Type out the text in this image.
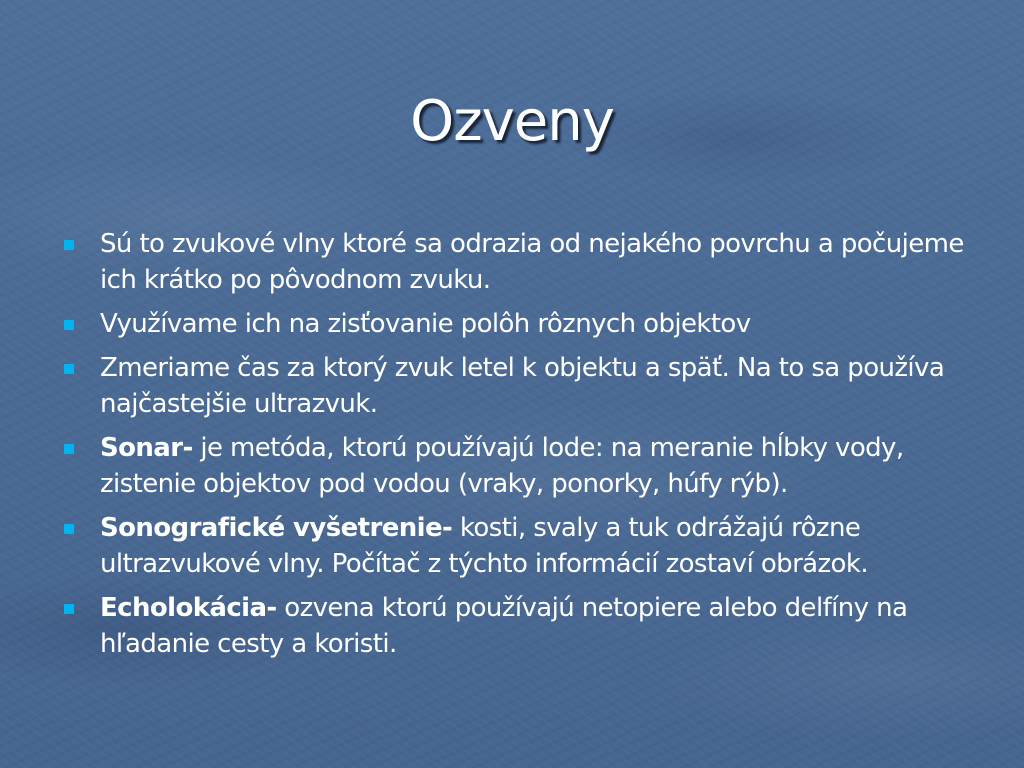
Ozveny
Sú to zvukové vlny ktoré sa odrazia od nejakého povrchu a počujeme ich krátko po pôvodnom zvuku.
Využívame ich na zisťovanie polôh rôznych objektov
Zmeriame čas za ktorý zvuk letel k objektu a späť. Na to sa používa najčastejšie ultrazvuk.
Sonar- je metóda, ktorú používajú lode: na meranie hĺbky vody, zistenie objektov pod vodou (vraky, ponorky, húfy rýb).
Sonografické vyšetrenie- kosti, svaly a tuk odrážajú rôzne ultrazvukové vlny. Počítač z týchto informácií zostaví obrázok.
Echolokácia- ozvena ktorú používajú netopiere alebo delfíny na hľadanie cesty a koristi.
